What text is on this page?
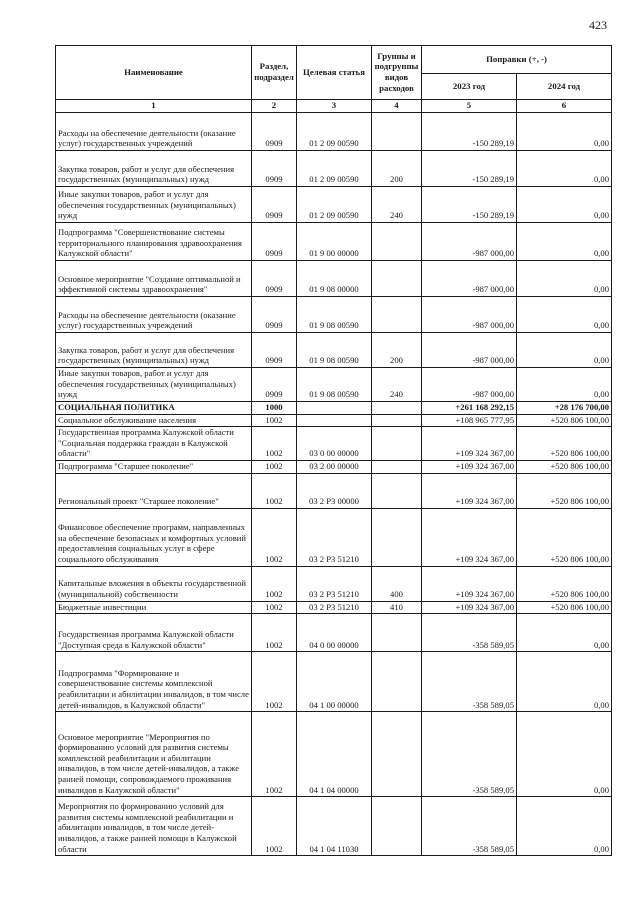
423
Наименование	Раздел, подраздел	Целевая статья	Группы и подгруппы видов расходов	Поправки (+, -)	
				2023 год	2024 год
1	2	3	4	5	6
Расходы на обеспечение деятельности (оказание услуг) государственных учреждений	0909	01 2 09 00590		-150 289,19	0,00
Закупка товаров, работ и услуг для обеспечения государственных (муниципальных) нужд	0909	01 2 09 00590	200	-150 289,19	0,00
Иные закупки товаров, работ и услуг для обеспечения государственных (муниципальных) нужд	0909	01 2 09 00590	240	-150 289,19	0,00
Подпрограмма "Совершенствование системы территориального планирования здравоохранения Калужской области"	0909	01 9 00 00000		-987 000,00	0,00
Основное мероприятие "Создание оптимальной и эффективной системы здравоохранения"	0909	01 9 08 00000		-987 000,00	0,00
Расходы на обеспечение деятельности (оказание услуг) государственных учреждений	0909	01 9 08 00590		-987 000,00	0,00
Закупка товаров, работ и услуг для обеспечения государственных (муниципальных) нужд	0909	01 9 08 00590	200	-987 000,00	0,00
Иные закупки товаров, работ и услуг для обеспечения государственных (муниципальных) нужд	0909	01 9 08 00590	240	-987 000,00	0,00
СОЦИАЛЬНАЯ ПОЛИТИКА	1000			+261 168 292,15	+28 176 700,00
Социальное обслуживание населения	1002			+108 965 777,95	+520 806 100,00
Государственная программа Калужской области "Социальная поддержка граждан в Калужской области"	1002	03 0 00 00000		+109 324 367,00	+520 806 100,00
Подпрограмма "Старшее поколение"	1002	03 2 00 00000		+109 324 367,00	+520 806 100,00
Региональный проект "Старшее поколение"	1002	03 2 P3 00000		+109 324 367,00	+520 806 100,00
Финансовое обеспечение программ, направленных на обеспечение безопасных и комфортных условий предоставления социальных услуг в сфере социального обслуживания	1002	03 2 P3 51210		+109 324 367,00	+520 806 100,00
Капитальные вложения в объекты государственной (муниципальной) собственности	1002	03 2 P3 51210	400	+109 324 367,00	+520 806 100,00
Бюджетные инвестиции	1002	03 2 P3 51210	410	+109 324 367,00	+520 806 100,00
Государственная программа Калужской области "Доступная среда в Калужской области"	1002	04 0 00 00000		-358 589,05	0,00
Подпрограмма "Формирование и совершенствование системы комплексной реабилитации и абилитации инвалидов, в том числе детей-инвалидов, в Калужской области"	1002	04 1 00 00000		-358 589,05	0,00
Основное мероприятие "Мероприятия по формированию условий для развития системы комплексной реабилитации и абилитации инвалидов, в том числе детей-инвалидов, а также ранней помощи, сопровождаемого проживания инвалидов в Калужской области"	1002	04 1 04 00000		-358 589,05	0,00
Мероприятия по формированию условий для развития системы комплексной реабилитации и абилитации инвалидов, в том числе детей-инвалидов, а также ранней помощи в Калужской области	1002	04 1 04 11030		-358 589,05	0,00
